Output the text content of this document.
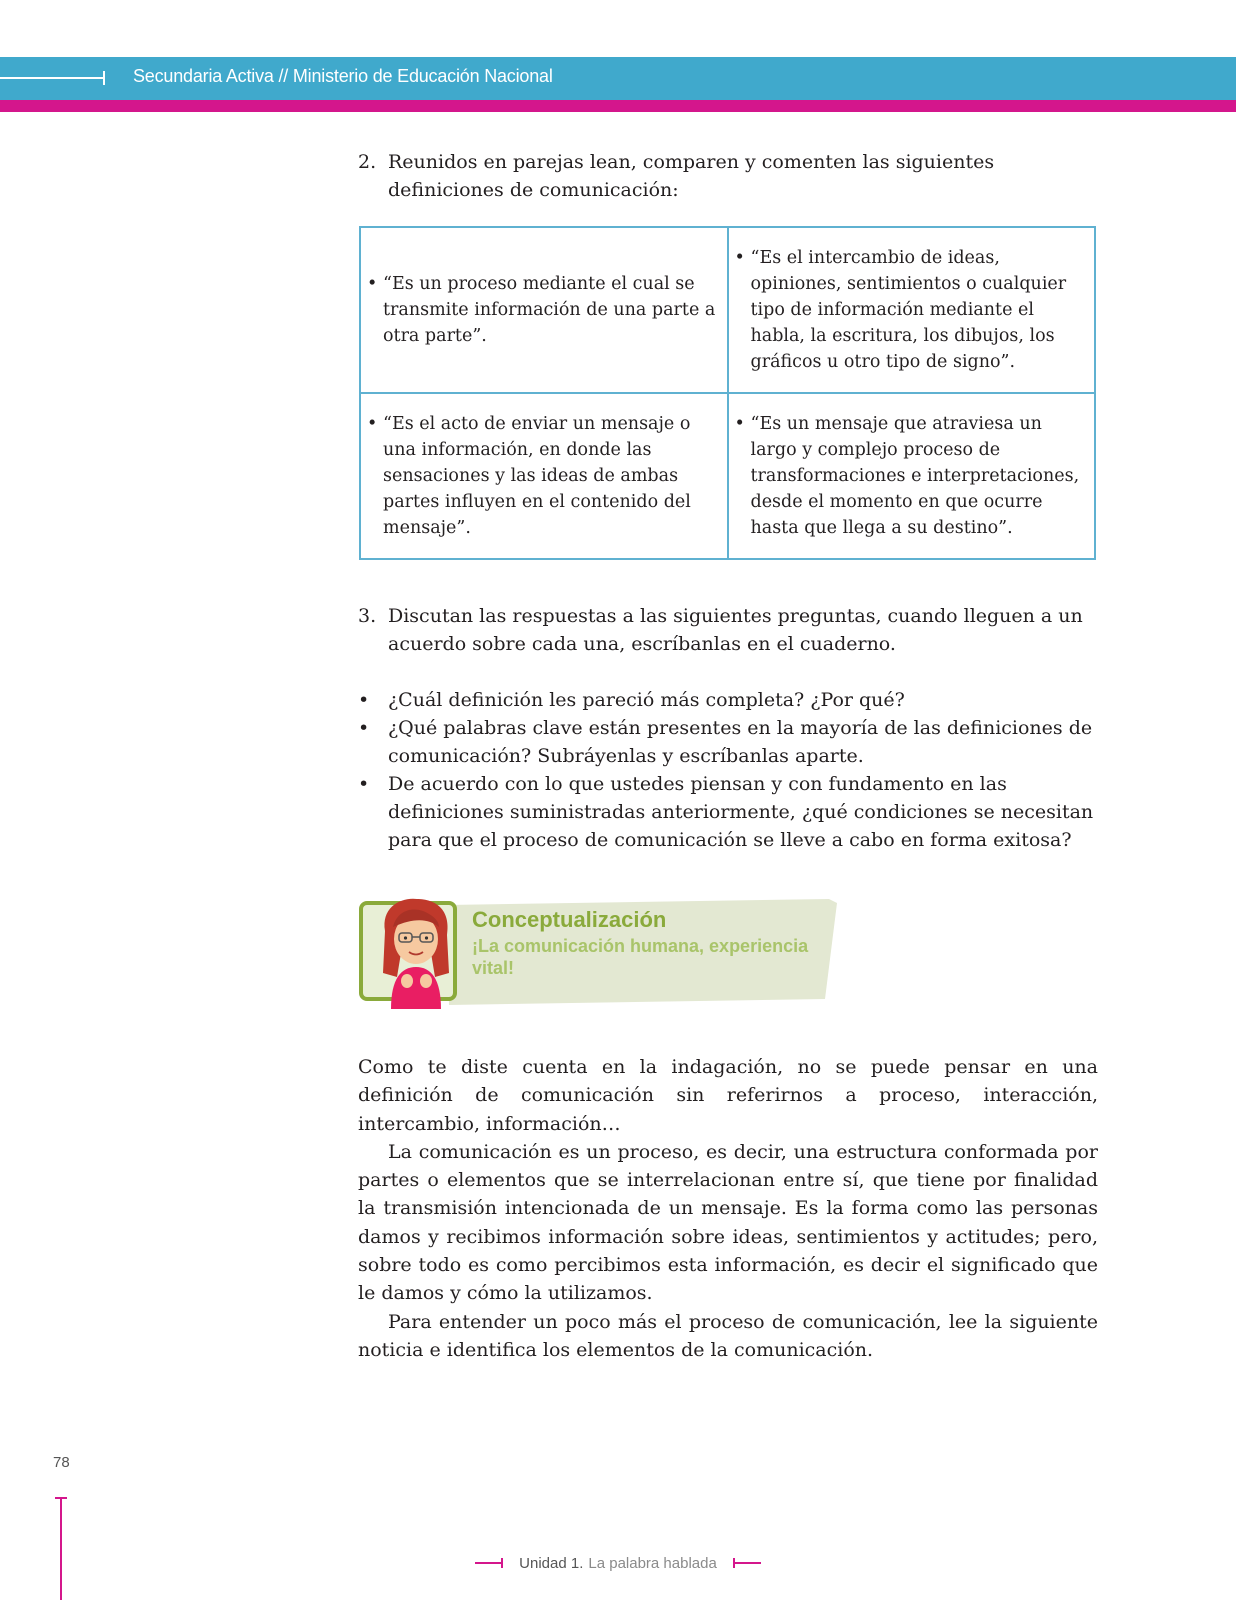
Secundaria Activa // Ministerio de Educación Nacional
2. Reunidos en parejas lean, comparen y comenten las siguientes definiciones de comunicación:
• “Es un proceso mediante el cual se transmite información de una parte a otra parte”.	• “Es el intercambio de ideas, opiniones, sentimientos o cualquier tipo de información mediante el habla, la escritura, los dibujos, los gráficos u otro tipo de signo”.

• “Es el acto de enviar un mensaje o una información, en donde las sensaciones y las ideas de ambas partes influyen en el contenido del mensaje”.	• “Es un mensaje que atraviesa un largo y complejo proceso de transformaciones e interpretaciones, desde el momento en que ocurre hasta que llega a su destino”.
3. Discutan las respuestas a las siguientes preguntas, cuando lleguen a un acuerdo sobre cada una, escríbanlas en el cuaderno.
• ¿Cuál definición les pareció más completa? ¿Por qué?
• ¿Qué palabras clave están presentes en la mayoría de las definiciones de comunicación? Subráyenlas y escríbanlas aparte.
• De acuerdo con lo que ustedes piensan y con fundamento en las definiciones suministradas anteriormente, ¿qué condiciones se necesitan para que el proceso de comunicación se lleve a cabo en forma exitosa?
Conceptualización
¡La comunicación humana, experiencia vital!

Como te diste cuenta en la indagación, no se puede pensar en una definición de comunicación sin referirnos a proceso, interacción, intercambio, información…

La comunicación es un proceso, es decir, una estructura conformada por partes o elementos que se interrelacionan entre sí, que tiene por finalidad la transmisión intencionada de un mensaje. Es la forma como las personas damos y recibimos información sobre ideas, sentimientos y actitudes; pero, sobre todo es como percibimos esta información, es decir el significado que le damos y cómo la utilizamos.

Para entender un poco más el proceso de comunicación, lee la siguiente noticia e identifica los elementos de la comunicación.

78
Unidad 1. La palabra hablada
